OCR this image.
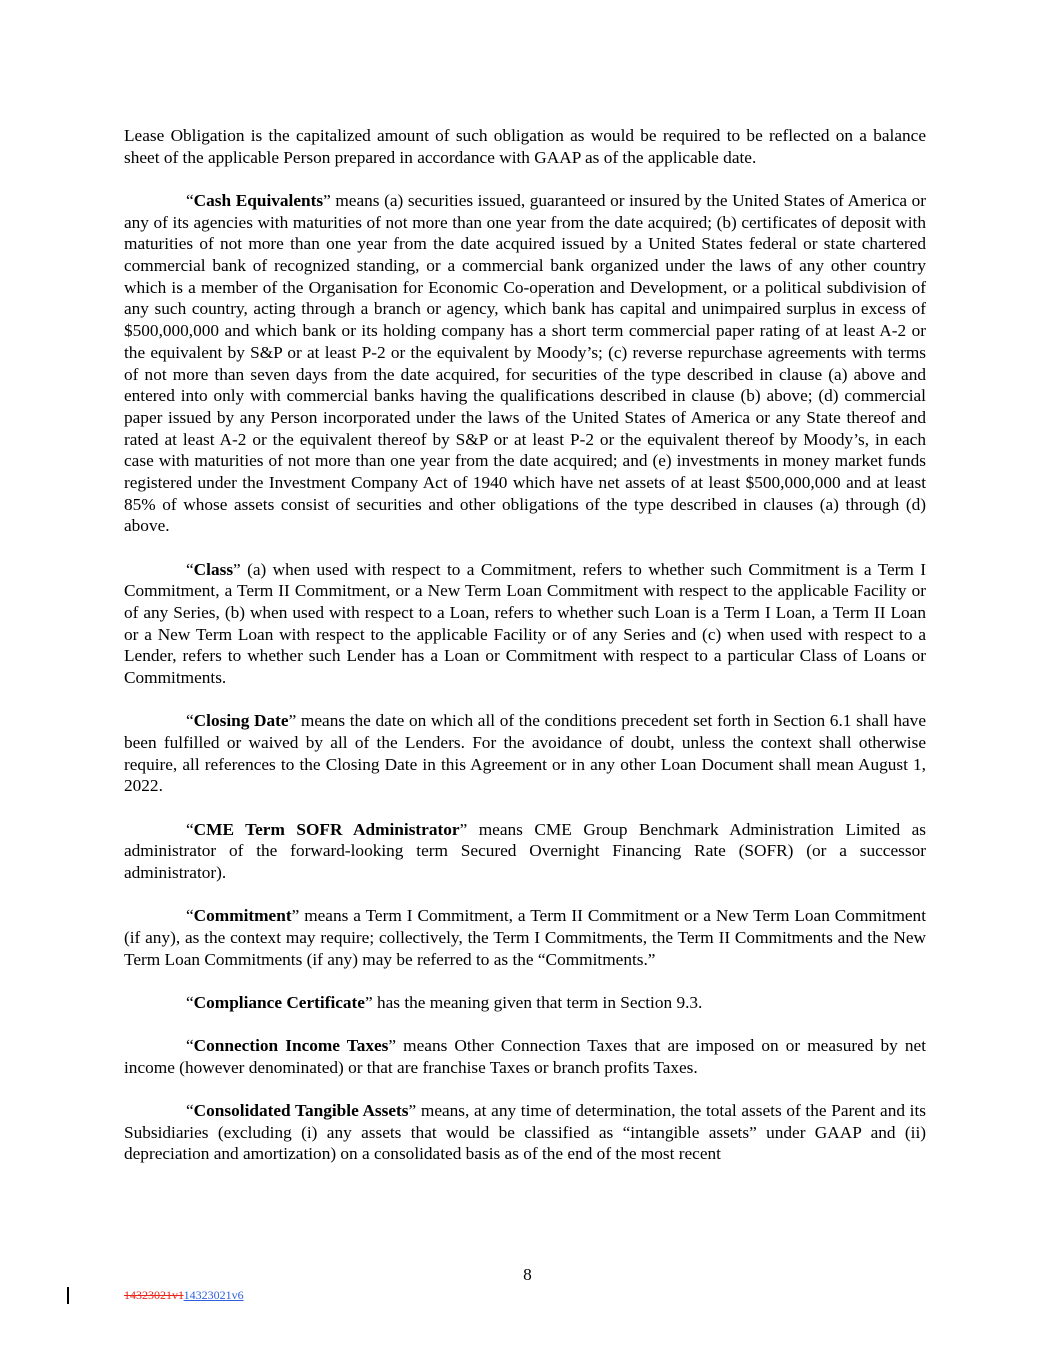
Lease Obligation is the capitalized amount of such obligation as would be required to be reflected on a balance sheet of the applicable Person prepared in accordance with GAAP as of the applicable date.

“Cash Equivalents” means (a) securities issued, guaranteed or insured by the United States of America or any of its agencies with maturities of not more than one year from the date acquired; (b) certificates of deposit with maturities of not more than one year from the date acquired issued by a United States federal or state chartered commercial bank of recognized standing, or a commercial bank organized under the laws of any other country which is a member of the Organisation for Economic Co-operation and Development, or a political subdivision of any such country, acting through a branch or agency, which bank has capital and unimpaired surplus in excess of $500,000,000 and which bank or its holding company has a short term commercial paper rating of at least A-2 or the equivalent by S&P or at least P-2 or the equivalent by Moody’s; (c) reverse repurchase agreements with terms of not more than seven days from the date acquired, for securities of the type described in clause (a) above and entered into only with commercial banks having the qualifications described in clause (b) above; (d) commercial paper issued by any Person incorporated under the laws of the United States of America or any State thereof and rated at least A-2 or the equivalent thereof by S&P or at least P-2 or the equivalent thereof by Moody’s, in each case with maturities of not more than one year from the date acquired; and (e) investments in money market funds registered under the Investment Company Act of 1940 which have net assets of at least $500,000,000 and at least 85% of whose assets consist of securities and other obligations of the type described in clauses (a) through (d) above.

“Class” (a) when used with respect to a Commitment, refers to whether such Commitment is a Term I Commitment, a Term II Commitment, or a New Term Loan Commitment with respect to the applicable Facility or of any Series, (b) when used with respect to a Loan, refers to whether such Loan is a Term I Loan, a Term II Loan or a New Term Loan with respect to the applicable Facility or of any Series and (c) when used with respect to a Lender, refers to whether such Lender has a Loan or Commitment with respect to a particular Class of Loans or Commitments.

“Closing Date” means the date on which all of the conditions precedent set forth in Section 6.1 shall have been fulfilled or waived by all of the Lenders. For the avoidance of doubt, unless the context shall otherwise require, all references to the Closing Date in this Agreement or in any other Loan Document shall mean August 1, 2022.

“CME Term SOFR Administrator” means CME Group Benchmark Administration Limited as administrator of the forward-looking term Secured Overnight Financing Rate (SOFR) (or a successor administrator).

“Commitment” means a Term I Commitment, a Term II Commitment or a New Term Loan Commitment (if any), as the context may require; collectively, the Term I Commitments, the Term II Commitments and the New Term Loan Commitments (if any) may be referred to as the “Commitments.”

“Compliance Certificate” has the meaning given that term in Section 9.3.

“Connection Income Taxes” means Other Connection Taxes that are imposed on or measured by net income (however denominated) or that are franchise Taxes or branch profits Taxes.

“Consolidated Tangible Assets” means, at any time of determination, the total assets of the Parent and its Subsidiaries (excluding (i) any assets that would be classified as “intangible assets” under GAAP and (ii) depreciation and amortization) on a consolidated basis as of the end of the most recent

8
14323021v114323021v6
